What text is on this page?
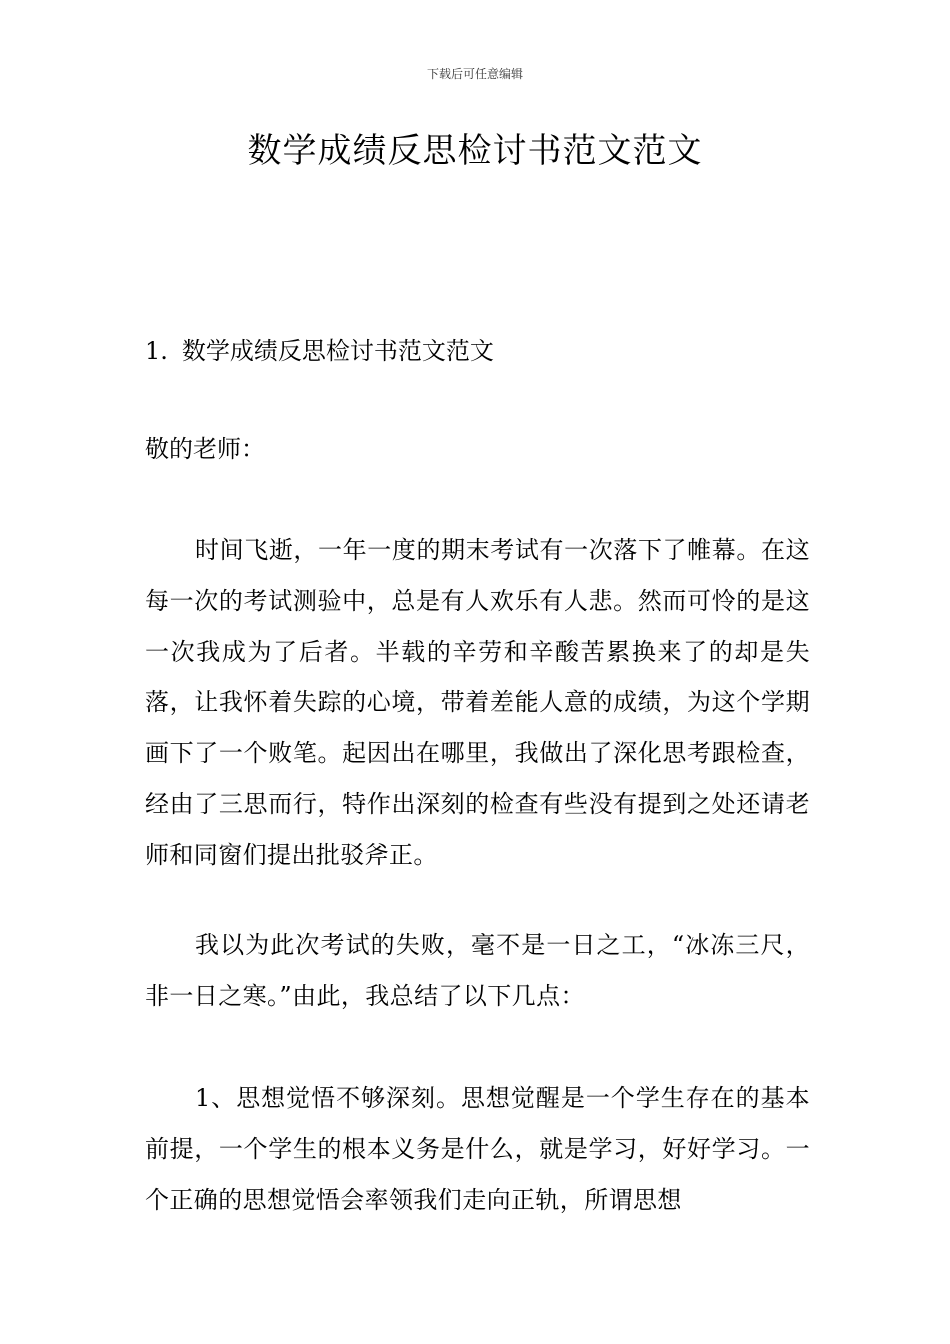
下载后可任意编辑
数学成绩反思检讨书范文范文

1. 数学成绩反思检讨书范文范文

敬的老师：

时间飞逝，一年一度的期末考试有一次落下了帷幕。在这每一次的考试测验中，总是有人欢乐有人悲。然而可怜的是这一次我成为了后者。半载的辛劳和辛酸苦累换来了的却是失落，让我怀着失踪的心境，带着差能人意的成绩，为这个学期画下了一个败笔。起因出在哪里，我做出了深化思考跟检查，经由了三思而行，特作出深刻的检查有些没有提到之处还请老师和同窗们提出批驳斧正。

我以为此次考试的失败，毫不是一日之工，“冰冻三尺，非一日之寒。”由此，我总结了以下几点：

1、思想觉悟不够深刻。思想觉醒是一个学生存在的基本前提，一个学生的根本义务是什么，就是学习，好好学习。一个正确的思想觉悟会率领我们走向正轨，所谓思想
